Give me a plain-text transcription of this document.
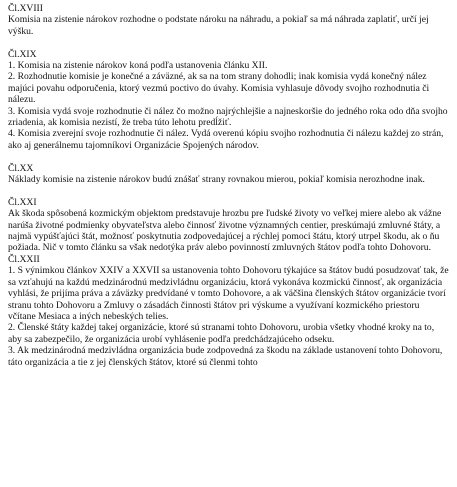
Čl.XVIII
Komisia na zistenie nárokov rozhodne o podstate nároku na náhradu, a pokiaľ sa má náhrada zaplatiť, určí jej výšku.
Čl.XIX
1. Komisia na zistenie nárokov koná podľa ustanovenia článku XII.
2. Rozhodnutie komisie je konečné a záväzné, ak sa na tom strany dohodli; inak komisia vydá konečný nález majúci povahu odporučenia, ktorý vezmú poctivo do úvahy. Komisia vyhlasuje dôvody svojho rozhodnutia či nálezu.
3. Komisia vydá svoje rozhodnutie či nález čo možno najrýchlejšie a najneskoršie do jedného roka odo dňa svojho zriadenia, ak komisia nezistí, že treba túto lehotu predĺžiť.
4. Komisia zverejní svoje rozhodnutie či nález. Vydá overenú kópiu svojho rozhodnutia či nálezu každej zo strán, ako aj generálnemu tajomníkovi Organizácie Spojených národov.
Čl.XX
Náklady komisie na zistenie nárokov budú znášať strany rovnakou mierou, pokiaľ komisia nerozhodne inak.
Čl.XXI
Ak škoda spôsobená kozmickým objektom predstavuje hrozbu pre ľudské životy vo veľkej miere alebo ak vážne narúša životné podmienky obyvateľstva alebo činnosť životne významných centier, preskúmajú zmluvné štáty, a najmä vypúšťajúci štát, možnosť poskytnutia zodpovedajúcej a rýchlej pomoci štátu, ktorý utrpel škodu, ak o ňu požiada. Nič v tomto článku sa však nedotýka práv alebo povinností zmluvných štátov podľa tohto Dohovoru.
Čl.XXII
1. S výnimkou článkov XXIV a XXVII sa ustanovenia tohto Dohovoru týkajúce sa štátov budú posudzovať tak, že sa vzťahujú na každú medzinárodnú medzivládnu organizáciu, ktorá vykonáva kozmickú činnosť, ak organizácia vyhlási, že prijíma práva a záväzky predvídané v tomto Dohovore, a ak väčšina členských štátov organizácie tvorí stranu tohto Dohovoru a Zmluvy o zásadách činnosti štátov pri výskume a využívaní kozmického priestoru včítane Mesiaca a iných nebeských telies.
2. Členské štáty každej takej organizácie, ktoré sú stranami tohto Dohovoru, urobia všetky vhodné kroky na to, aby sa zabezpečilo, že organizácia urobí vyhlásenie podľa predchádzajúceho odseku.
3. Ak medzinárodná medzivládna organizácia bude zodpovedná za škodu na základe ustanovení tohto Dohovoru, táto organizácia a tie z jej členských štátov, ktoré sú členmi tohto
